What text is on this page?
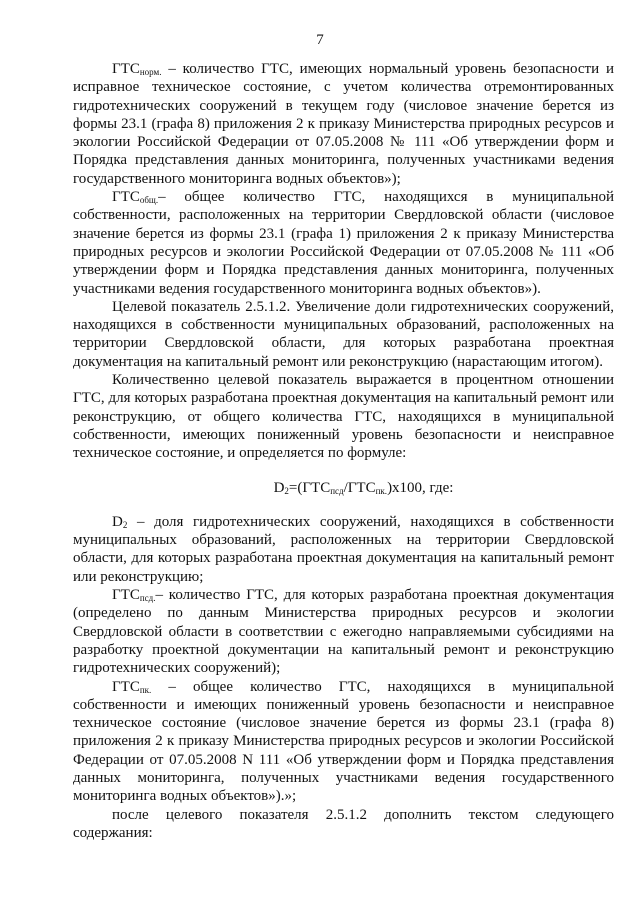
7

$ГТС_{норм.}$ – количество ГТС, имеющих нормальный уровень безопасности и исправное техническое состояние, с учетом количества отремонтированных гидротехнических сооружений в текущем году (числовое значение берется из формы 23.1 (графа 8) приложения 2 к приказу Министерства природных ресурсов и экологии Российской Федерации от 07.05.2008 № 111 «Об утверждении форм и Порядка представления данных мониторинга, полученных участниками ведения государственного мониторинга водных объектов»);

$ГТС_{общ.}-$ общее количество ГТС, находящихся в муниципальной собственности, расположенных на территории Свердловской области (числовое значение берется из формы 23.1 (графа 1) приложения 2 к приказу Министерства природных ресурсов и экологии Российской Федерации от 07.05.2008 № 111 «Об утверждении форм и Порядка представления данных мониторинга, полученных участниками ведения государственного мониторинга водных объектов»).

Целевой показатель 2.5.1.2. Увеличение доли гидротехнических сооружений, находящихся в собственности муниципальных образований, расположенных на территории Свердловской области, для которых разработана проектная документация на капитальный ремонт или реконструкцию (нарастающим итогом).

Количественно целевой показатель выражается в процентном отношении ГТС, для которых разработана проектная документация на капитальный ремонт или реконструкцию, от общего количества ГТС, находящихся в муниципальной собственности, имеющих пониженный уровень безопасности и неисправное техническое состояние, и определяется по формуле:

$D_2=(ГТС_{псд}/ГТС_{пк.})x100$, где:

$D_2$ – доля гидротехнических сооружений, находящихся в собственности муниципальных образований, расположенных на территории Свердловской области, для которых разработана проектная документация на капитальный ремонт или реконструкцию;

$ГТС_{псд.}-$ количество ГТС, для которых разработана проектная документация (определено по данным Министерства природных ресурсов и экологии Свердловской области в соответствии с ежегодно направляемыми субсидиями на разработку проектной документации на капитальный ремонт и реконструкцию гидротехнических сооружений);

$ГТС_{пк.}$ – общее количество ГТС, находящихся в муниципальной собственности и имеющих пониженный уровень безопасности и неисправное техническое состояние (числовое значение берется из формы 23.1 (графа 8) приложения 2 к приказу Министерства природных ресурсов и экологии Российской Федерации от 07.05.2008 N 111 «Об утверждении форм и Порядка представления данных мониторинга, полученных участниками ведения государственного мониторинга водных объектов»).»;

после целевого показателя 2.5.1.2 дополнить текстом следующего содержания:
